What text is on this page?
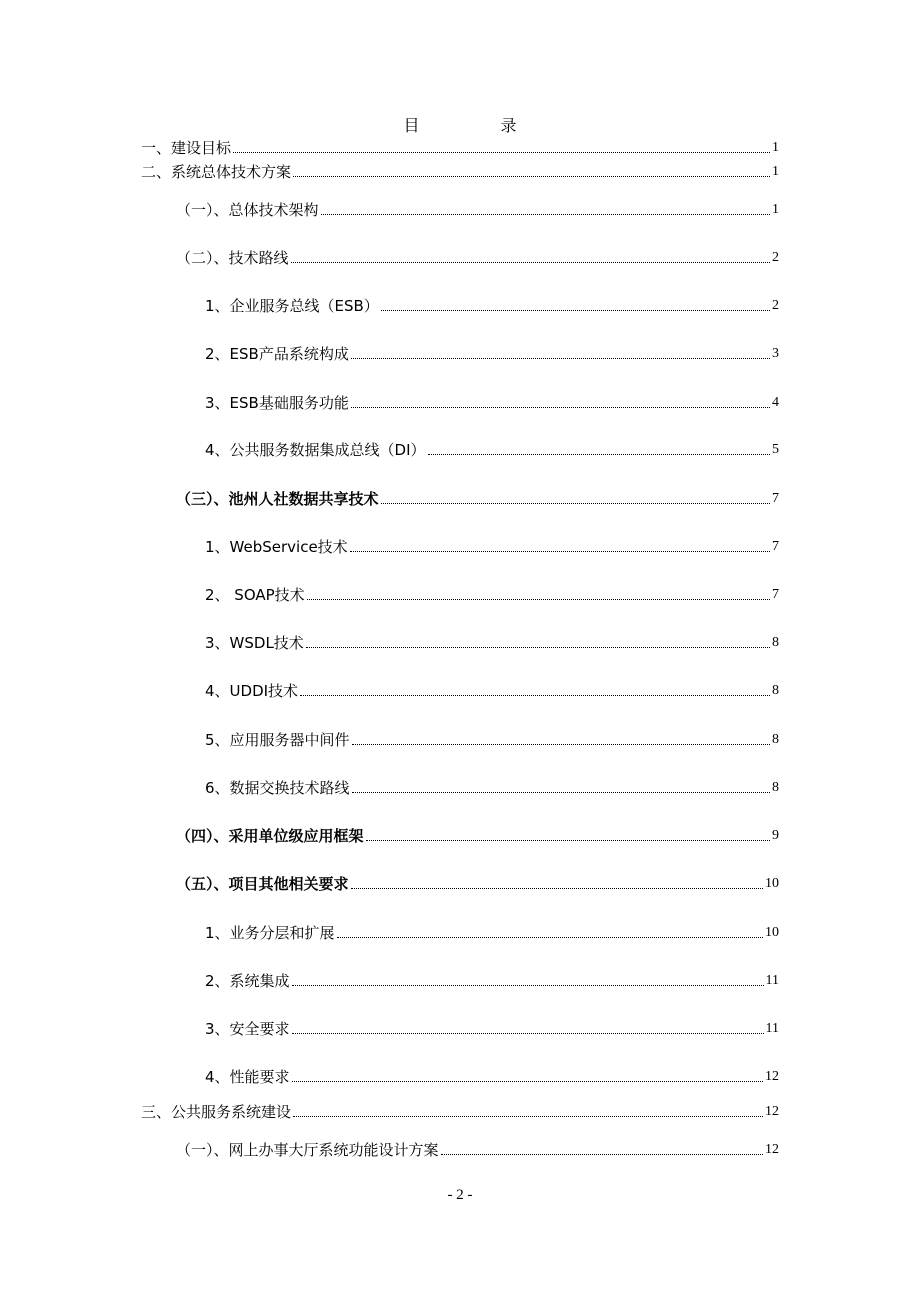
目 录
一、建设目标	1
二、系统总体技术方案	1
（一）、总体技术架构	1
（二）、技术路线	2
1、企业服务总线（ESB）	2
2、ESB产品系统构成	3
3、ESB基础服务功能	4
4、公共服务数据集成总线（DI）	5
（三）、池州人社数据共享技术	7
1、WebService技术	7
2、 SOAP技术	7
3、WSDL技术	8
4、UDDI技术	8
5、应用服务器中间件	8
6、数据交换技术路线	8
（四）、采用单位级应用框架	9
（五）、项目其他相关要求	10
1、业务分层和扩展	10
2、系统集成	11
3、安全要求	11
4、性能要求	12
三、公共服务系统建设	12
（一）、网上办事大厅系统功能设计方案	12
- 2 -
